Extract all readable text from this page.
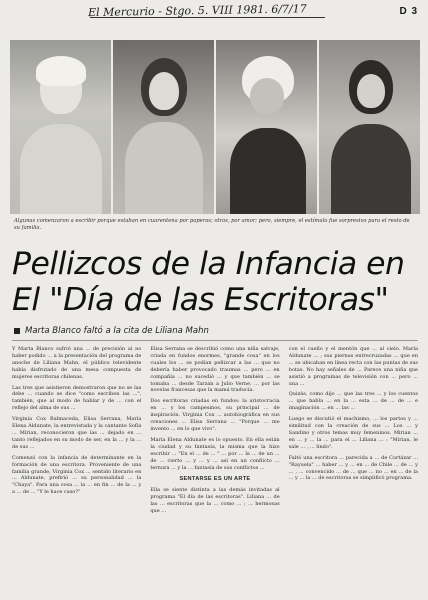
El Mercurio - Stgo. 5. VIII 1981. 6/7/17	D 3
Algunas comenzaron a escribir porque estaban en cuarentena por paperas; otras, por amor; pero, siempre, el estímulo fue sorpresivo para el resto de su familia.
Pellizcos de la Infancia en El "Día de las Escritoras"
Marta Blanco faltó a la cita de Liliana Mahn

Y Marta Blanco sufrió una ... de precisión al no haber podido ... a la presentación del programa de anoche de Liliana Mahn, el público televidente había disfrutado de una mesa compuesta de mujeres escritoras chilenas.

Las tres que asistieron demostraron que no se las debe ... cuando se dice "como escriben las ...", también, que al modo de hablar y de ... con el reflejo del alma de sus ...

Virginia Cox Balmaceda, Elisa Serrana, María Elena Aldunate, la entrevistada y la cantante Sofía ... Mirian, reconocieron que las ... dejado en ... tanto reflejados en su modo de ser, en la ... y la ... de sus ...

Comenzó con la infancia de determinante en la formación de una escritora. Proveniente de una familia grande, Virginia Cox ... sentido literario en ... Aldunate, prefirió ... su personalidad ... la "Chaya". Para una cosa ... la ... en fin ... de la ... y a ... de ... "Y le hace caso?"

Elisa Serrana se describió como una niña salvaje, criada en fundos enormes, "grande cosa" en los cuales los ... se podían pellizcar a las ... que no debería haber provocado traumas ... pero ... en compañía ... no sucedió ... y que también ... se tomaba ... desde Tarzán a Julio Verne, ... por las novelas francesas que la mamá traducía.

Dos escritoras criadas en fundos: la aristocracia en ... y los campesinos, su principal ... de inspiración. Virginia Cox ... autobiográfica en sus creaciones ... Elisa Serrana ... "Porque ... me invento ... en lo que vivo".

María Elena Aldunate es lo opuesto. En ella están la ciudad y su fantasía, la misma que la hizo escribir ... "En el ... de ... " ... por ... la ... de un ... de ... cierto ... y ... y ... así en un conflicto ... ternura ... y la ... fantasía de sus conflictos ...

SENTARSE ES UN ARTE

Ella se siente distinta a las demás invitadas al programa "El día de las escritoras". Liliana ... de las ... escritoras que la ... como ... ; ... hermosas que ...

con el cuello y el mentón que ... al cielo. María Aldunate ... ; sus piernas entrecruzadas ... que en ... se ubicaban en línea recta con las puntas de sus botas. No hay señales de ... Parece una niña que asistió a programas de televisión con ... pero ... una ...

Quizás, como dijo ... que las tres ... y los cuentos ... que habla ... en la ... esta ... de ... de ... e imaginación ... en ... las ...

Luego se discutió el machismo, ... los partos y ... similitud con la creación de sus ... Los ... y Sandino y otros temas muy femeninos. Mirian ... en ... y ... la ... para el ... Liliana ... : "Mirian, le sale ... , ... lindo".

Faltó una escritora ... parecida a ... de Cortázar ... "Rayuela" ... haber ... y ... en ... de Chile ... de ... y ... , ... convencido ... de ... que ... no ... en ... de la ... y ... la ... de escritoras se simplificó programa.
